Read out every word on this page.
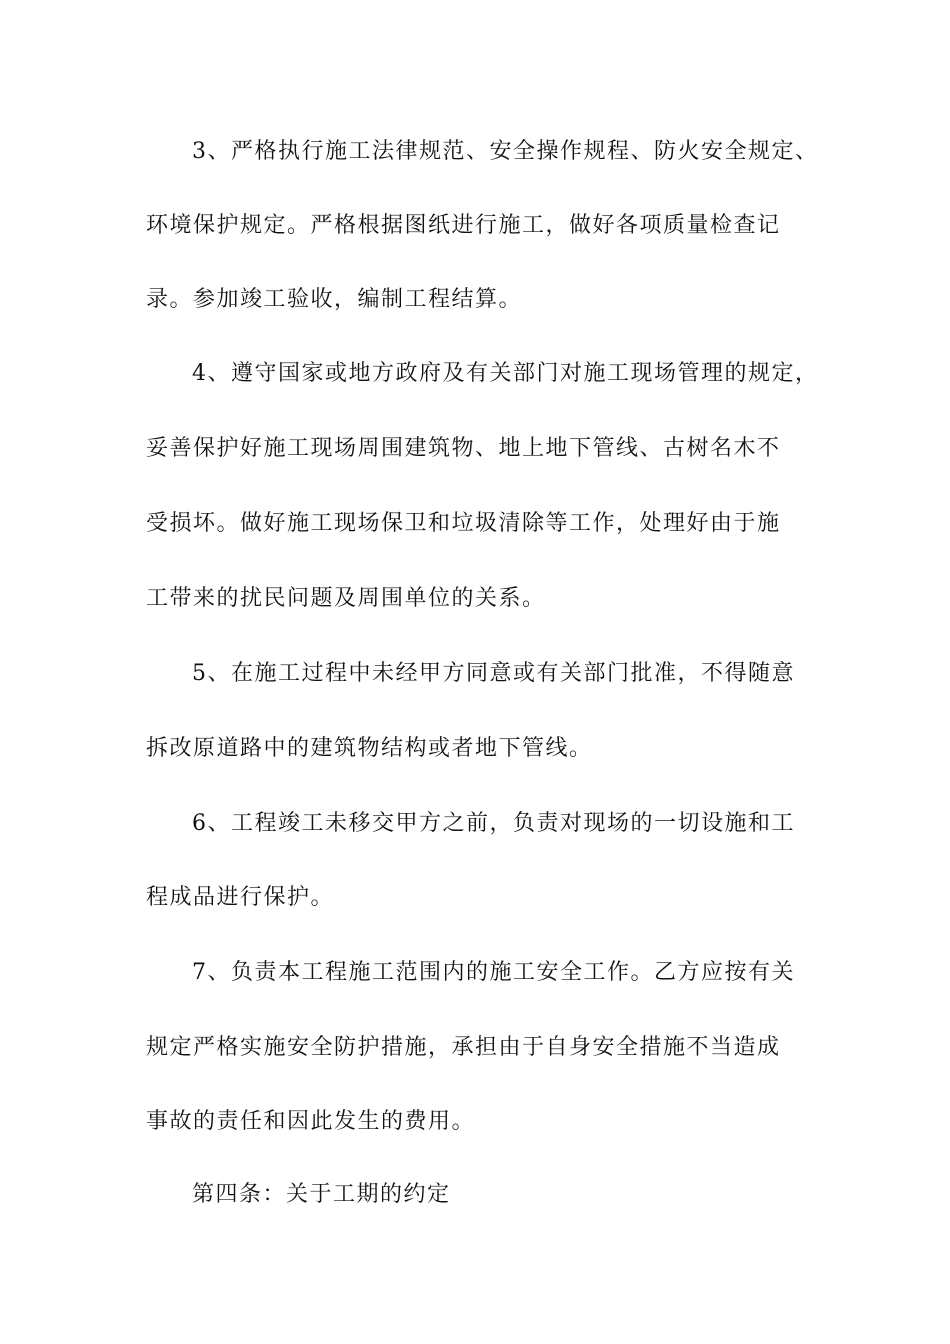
3、严格执行施工法律规范、安全操作规程、防火安全规定、
环境保护规定。严格根据图纸进行施工，做好各项质量检查记
录。参加竣工验收，编制工程结算。
4、遵守国家或地方政府及有关部门对施工现场管理的规定，
妥善保护好施工现场周围建筑物、地上地下管线、古树名木不
受损坏。做好施工现场保卫和垃圾清除等工作，处理好由于施
工带来的扰民问题及周围单位的关系。
5、在施工过程中未经甲方同意或有关部门批准，不得随意
拆改原道路中的建筑物结构或者地下管线。
6、工程竣工未移交甲方之前，负责对现场的一切设施和工
程成品进行保护。
7、负责本工程施工范围内的施工安全工作。乙方应按有关
规定严格实施安全防护措施，承担由于自身安全措施不当造成
事故的责任和因此发生的费用。
第四条：关于工期的约定
